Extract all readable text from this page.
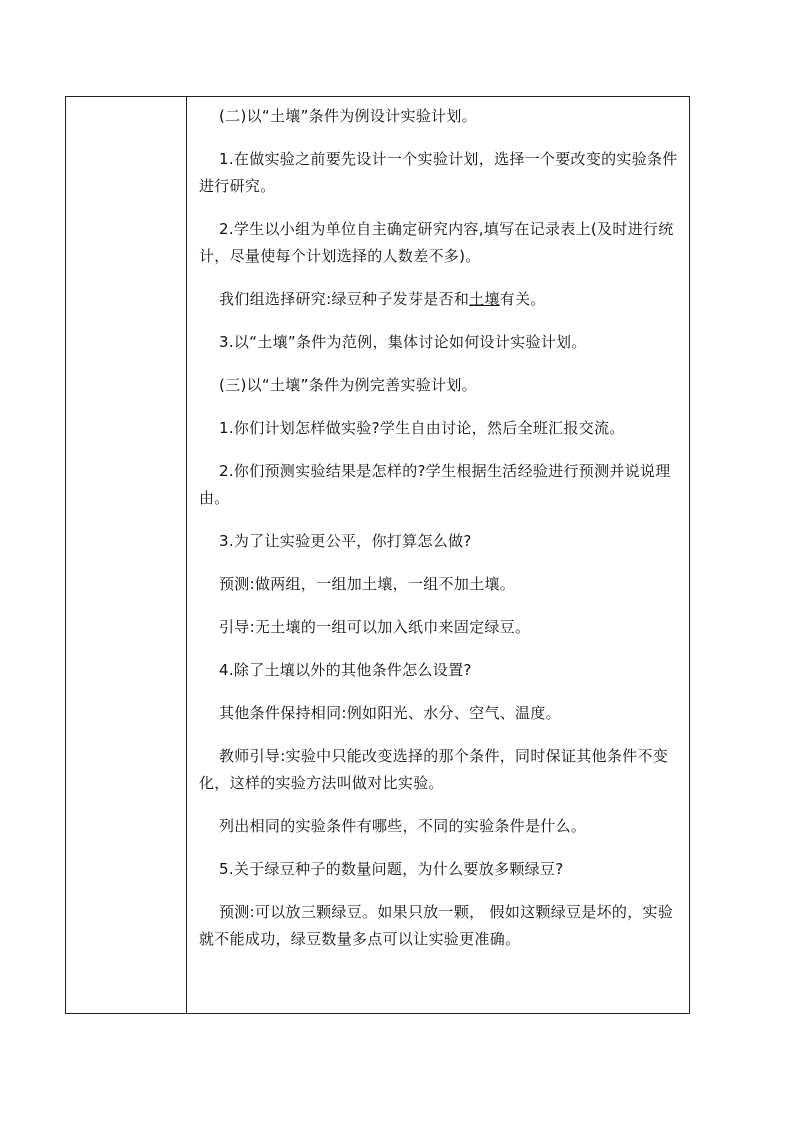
(二)以“土壤”条件为例设计实验计划。

1.在做实验之前要先设计一个实验计划，选择一个要改变的实验条件进行研究。

2.学生以小组为单位自主确定研究内容,填写在记录表上(及时进行统计，尽量使每个计划选择的人数差不多)。

我们组选择研究:绿豆种子发芽是否和土壤有关。

3.以“土壤”条件为范例，集体讨论如何设计实验计划。

(三)以“土壤”条件为例完善实验计划。

1.你们计划怎样做实验?学生自由讨论，然后全班汇报交流。

2.你们预测实验结果是怎样的?学生根据生活经验进行预测并说说理由。

3.为了让实验更公平，你打算怎么做?

预测:做两组，一组加土壤，一组不加土壤。

引导:无土壤的一组可以加入纸巾来固定绿豆。

4.除了土壤以外的其他条件怎么设置?

其他条件保持相同:例如阳光、水分、空气、温度。

教师引导:实验中只能改变选择的那个条件，同时保证其他条件不变化，这样的实验方法叫做对比实验。

列出相同的实验条件有哪些，不同的实验条件是什么。

5.关于绿豆种子的数量问题，为什么要放多颗绿豆?

预测:可以放三颗绿豆。如果只放一颗， 假如这颗绿豆是坏的，实验就不能成功，绿豆数量多点可以让实验更准确。
